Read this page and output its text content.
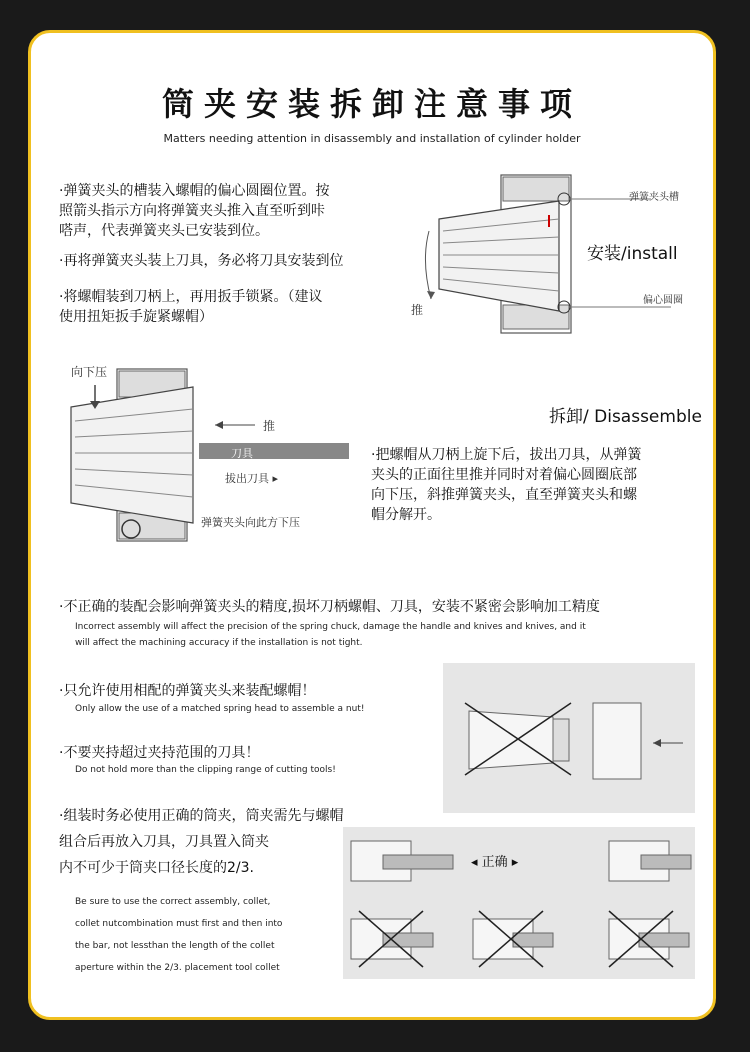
筒夹安装拆卸注意事项
Matters needing attention in disassembly and installation of cylinder holder
·弹簧夹头的槽装入螺帽的偏心圆圈位置。按
照箭头指示方向将弹簧夹头推入直至听到咔
嗒声，代表弹簧夹头已安装到位。
·再将弹簧夹头装上刀具，务必将刀具安装到位
·将螺帽装到刀柄上，再用扳手锁紧。（建议
使用扭矩扳手旋紧螺帽）
弹簧夹头槽
偏心圆圈
推
安装/install
向下压
推
刀具
拔出刀具 ▸
弹簧夹头向此方下压
拆卸/ Disassemble
·把螺帽从刀柄上旋下后，拔出刀具，从弹簧
夹头的正面往里推并同时对着偏心圆圈底部
向下压，斜推弹簧夹头，直至弹簧夹头和螺
帽分解开。
·不正确的装配会影响弹簧夹头的精度,损坏刀柄螺帽、刀具，安装不紧密会影响加工精度
Incorrect assembly will affect the precision of the spring chuck, damage the handle and knives and knives, and it
will affect the machining accuracy if the installation is not tight.
·只允许使用相配的弹簧夹头来装配螺帽！
Only allow the use of a matched spring head to assemble a nut!
·不要夹持超过夹持范围的刀具！
Do not hold more than the clipping range of cutting tools!
·组装时务必使用正确的筒夹，筒夹需先与螺帽
组合后再放入刀具，刀具置入筒夹
内不可少于筒夹口径长度的2/3.
Be sure to use the correct assembly, collet,
collet nutcombination must first and then into
the bar, not lessthan the length of the collet
aperture within the 2/3. placement tool collet
◂ 正确 ▸
